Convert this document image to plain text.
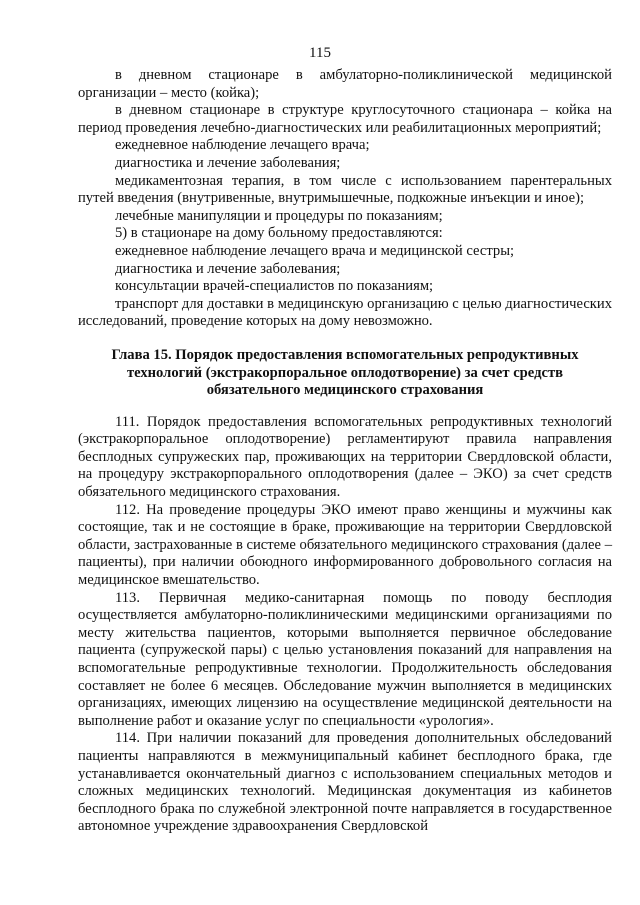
115

в дневном стационаре в амбулаторно-поликлинической медицинской организации – место (койка);

в дневном стационаре в структуре круглосуточного стационара – койка на период проведения лечебно-диагностических или реабилитационных мероприятий;

ежедневное наблюдение лечащего врача;

диагностика и лечение заболевания;

медикаментозная терапия, в том числе с использованием парентеральных путей введения (внутривенные, внутримышечные, подкожные инъекции и иное);

лечебные манипуляции и процедуры по показаниям;

5) в стационаре на дому больному предоставляются:

ежедневное наблюдение лечащего врача и медицинской сестры;

диагностика и лечение заболевания;

консультации врачей-специалистов по показаниям;

транспорт для доставки в медицинскую организацию с целью диагностических исследований, проведение которых на дому невозможно.

Глава 15. Порядок предоставления вспомогательных репродуктивных технологий (экстракорпоральное оплодотворение) за счет средств обязательного медицинского страхования

111. Порядок предоставления вспомогательных репродуктивных технологий (экстракорпоральное оплодотворение) регламентируют правила направления бесплодных супружеских пар, проживающих на территории Свердловской области, на процедуру экстракорпорального оплодотворения (далее – ЭКО) за счет средств обязательного медицинского страхования.

112. На проведение процедуры ЭКО имеют право женщины и мужчины как состоящие, так и не состоящие в браке, проживающие на территории Свердловской области, застрахованные в системе обязательного медицинского страхования (далее – пациенты), при наличии обоюдного информированного добровольного согласия на медицинское вмешательство.

113. Первичная медико-санитарная помощь по поводу бесплодия осуществляется амбулаторно-поликлиническими медицинскими организациями по месту жительства пациентов, которыми выполняется первичное обследование пациента (супружеской пары) с целью установления показаний для направления на вспомогательные репродуктивные технологии. Продолжительность обследования составляет не более 6 месяцев. Обследование мужчин выполняется в медицинских организациях, имеющих лицензию на осуществление медицинской деятельности на выполнение работ и оказание услуг по специальности «урология».

114. При наличии показаний для проведения дополнительных обследований пациенты направляются в межмуниципальный кабинет бесплодного брака, где устанавливается окончательный диагноз с использованием специальных методов и сложных медицинских технологий. Медицинская документация из кабинетов бесплодного брака по служебной электронной почте направляется в государственное автономное учреждение здравоохранения Свердловской
